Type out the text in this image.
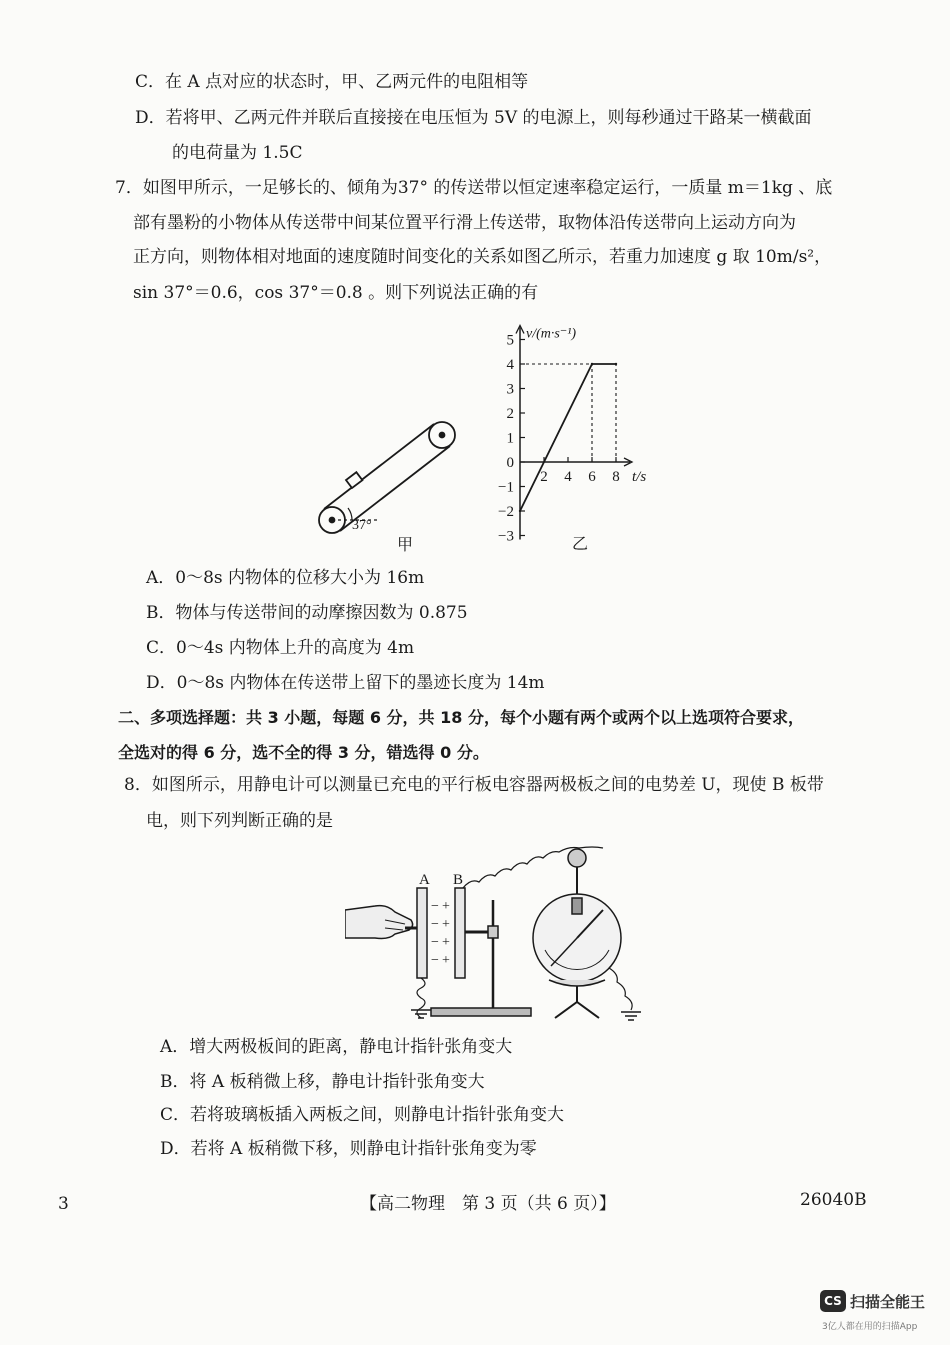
C．在 A 点对应的状态时，甲、乙两元件的电阻相等
D．若将甲、乙两元件并联后直接接在电压恒为 5V 的电源上，则每秒通过干路某一横截面
的电荷量为 1.5C
7．如图甲所示，一足够长的、倾角为37° 的传送带以恒定速率稳定运行，一质量 m＝1kg 、底
部有墨粉的小物体从传送带中间某位置平行滑上传送带，取物体沿传送带向上运动方向为
正方向，则物体相对地面的速度随时间变化的关系如图乙所示，若重力加速度 g 取 10m/s²，
sin 37°＝0.6，cos 37°＝0.8 。则下列说法正确的有
37°
甲
−3
−2
−1
0
1
2
3
4
5
2 4 6 8
v/(m·s⁻¹)
t/s
乙
A．0～8s 内物体的位移大小为 16m
B．物体与传送带间的动摩擦因数为 0.875
C．0～4s 内物体上升的高度为 4m
D．0～8s 内物体在传送带上留下的墨迹长度为 14m
二、多项选择题：共 3 小题，每题 6 分，共 18 分，每个小题有两个或两个以上选项符合要求，
全选对的得 6 分，选不全的得 3 分，错选得 0 分。
8．如图所示，用静电计可以测量已充电的平行板电容器两极板之间的电势差 U，现使 B 板带
电，则下列判断正确的是
−
−
−
−
+
+
+
+
A B
A．增大两极板间的距离，静电计指针张角变大
B．将 A 板稍微上移，静电计指针张角变大
C．若将玻璃板插入两板之间，则静电计指针张角变大
D．若将 A 板稍微下移，则静电计指针张角变为零
3	【高二物理　第 3 页（共 6 页）】	26040B
CS 扫描全能王
3亿人都在用的扫描App
